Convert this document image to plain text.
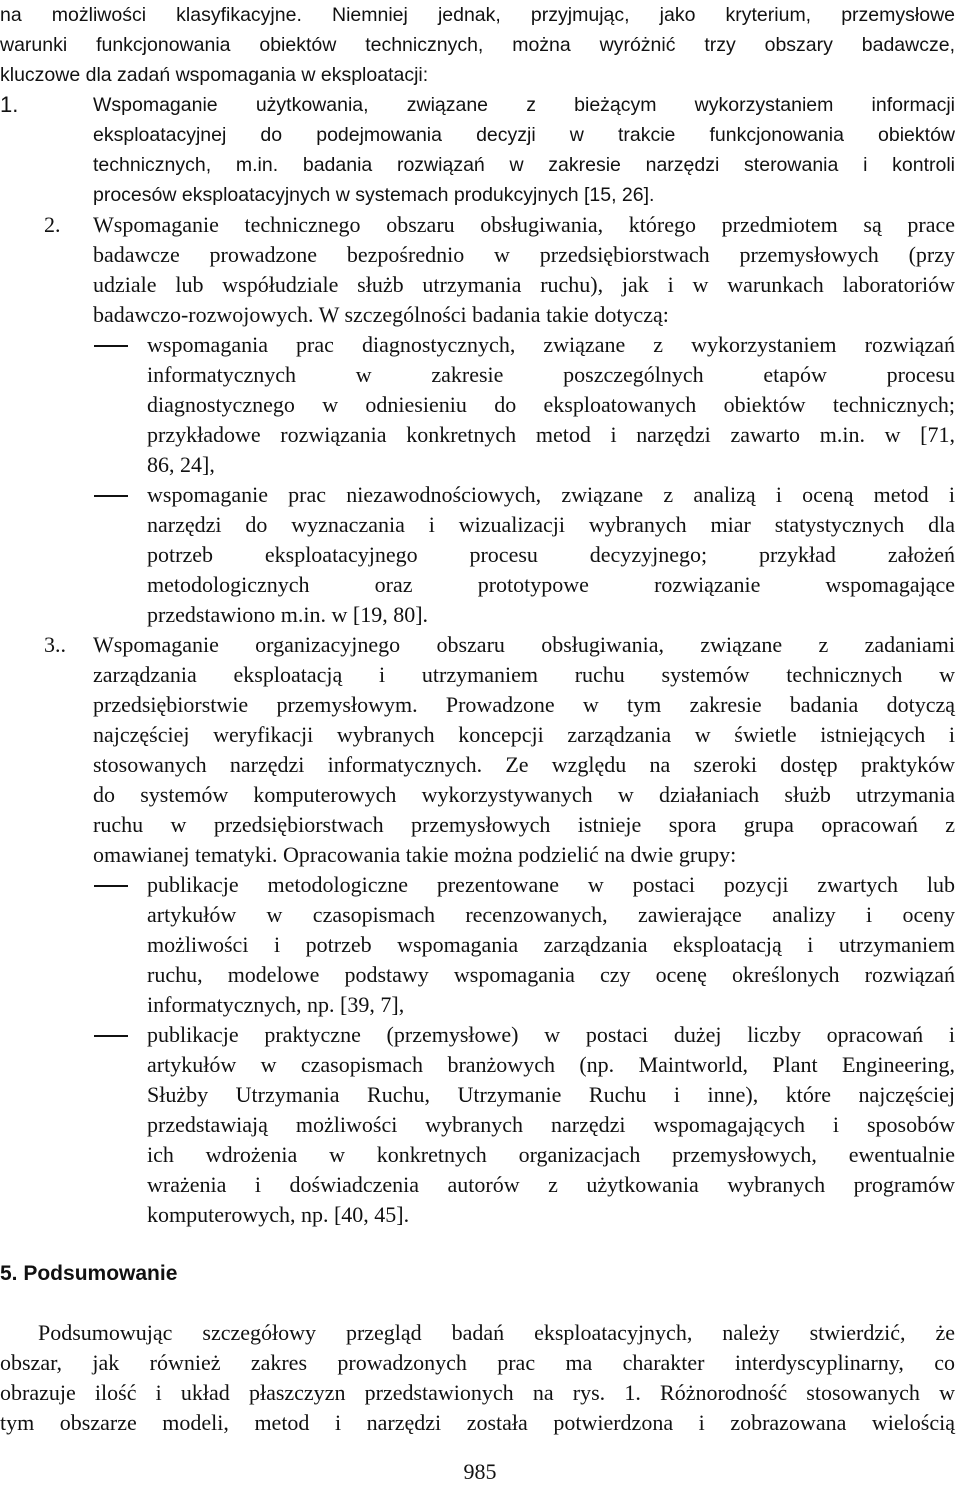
na możliwości klasyfikacyjne. Niemniej jednak, przyjmując, jako kryterium, przemysłowe

warunki funkcjonowania obiektów technicznych, można wyróżnić trzy obszary badawcze,

kluczowe dla zadań wspomagania w eksploatacji:

1.	Wspomaganie użytkowania, związane z bieżącym wykorzystaniem informacji

eksploatacyjnej do podejmowania decyzji w trakcie funkcjonowania obiektów

technicznych, m.in. badania rozwiązań w zakresie narzędzi sterowania i kontroli

procesów eksploatacyjnych w systemach produkcyjnych [15, 26].

2. Wspomaganie technicznego obszaru obsługiwania, którego przedmiotem są prace

badawcze prowadzone bezpośrednio w przedsiębiorstwach przemysłowych (przy

udziale lub współudziale służb utrzymania ruchu), jak i w warunkach laboratoriów

badawczo-rozwojowych. W szczególności badania takie dotyczą:

wspomagania prac diagnostycznych, związane z wykorzystaniem rozwiązań

informatycznych w zakresie poszczególnych etapów procesu

diagnostycznego w odniesieniu do eksploatowanych obiektów technicznych;

przykładowe rozwiązania konkretnych metod i narzędzi zawarto m.in. w [71,

86, 24],

wspomaganie prac niezawodnościowych, związane z analizą i oceną metod i

narzędzi do wyznaczania i wizualizacji wybranych miar statystycznych dla

potrzeb eksploatacyjnego procesu decyzyjnego; przykład założeń

metodologicznych oraz prototypowe rozwiązanie wspomagające

przedstawiono m.in. w [19, 80].

3.. Wspomaganie organizacyjnego obszaru obsługiwania, związane z zadaniami

zarządzania eksploatacją i utrzymaniem ruchu systemów technicznych w

przedsiębiorstwie przemysłowym. Prowadzone w tym zakresie badania dotyczą

najczęściej weryfikacji wybranych koncepcji zarządzania w świetle istniejących i

stosowanych narzędzi informatycznych. Ze względu na szeroki dostęp praktyków

do systemów komputerowych wykorzystywanych w działaniach służb utrzymania

ruchu w przedsiębiorstwach przemysłowych istnieje spora grupa opracowań z

omawianej tematyki. Opracowania takie można podzielić na dwie grupy:

publikacje metodologiczne prezentowane w postaci pozycji zwartych lub

artykułów w czasopismach recenzowanych, zawierające analizy i oceny

możliwości i potrzeb wspomagania zarządzania eksploatacją i utrzymaniem

ruchu, modelowe podstawy wspomagania czy ocenę określonych rozwiązań

informatycznych, np. [39, 7],

publikacje praktyczne (przemysłowe) w postaci dużej liczby opracowań i

artykułów w czasopismach branżowych (np. Maintworld, Plant Engineering,

Służby Utrzymania Ruchu, Utrzymanie Ruchu i inne), które najczęściej

przedstawiają możliwości wybranych narzędzi wspomagających i sposobów

ich wdrożenia w konkretnych organizacjach przemysłowych, ewentualnie

wrażenia i doświadczenia autorów z użytkowania wybranych programów

komputerowych, np. [40, 45].

5. Podsumowanie

Podsumowując szczegółowy przegląd badań eksploatacyjnych, należy stwierdzić, że

obszar, jak również zakres prowadzonych prac ma charakter interdyscyplinarny, co

obrazuje ilość i układ płaszczyzn przedstawionych na rys. 1. Różnorodność stosowanych w

tym obszarze modeli, metod i narzędzi została potwierdzona i zobrazowana wielością

985
